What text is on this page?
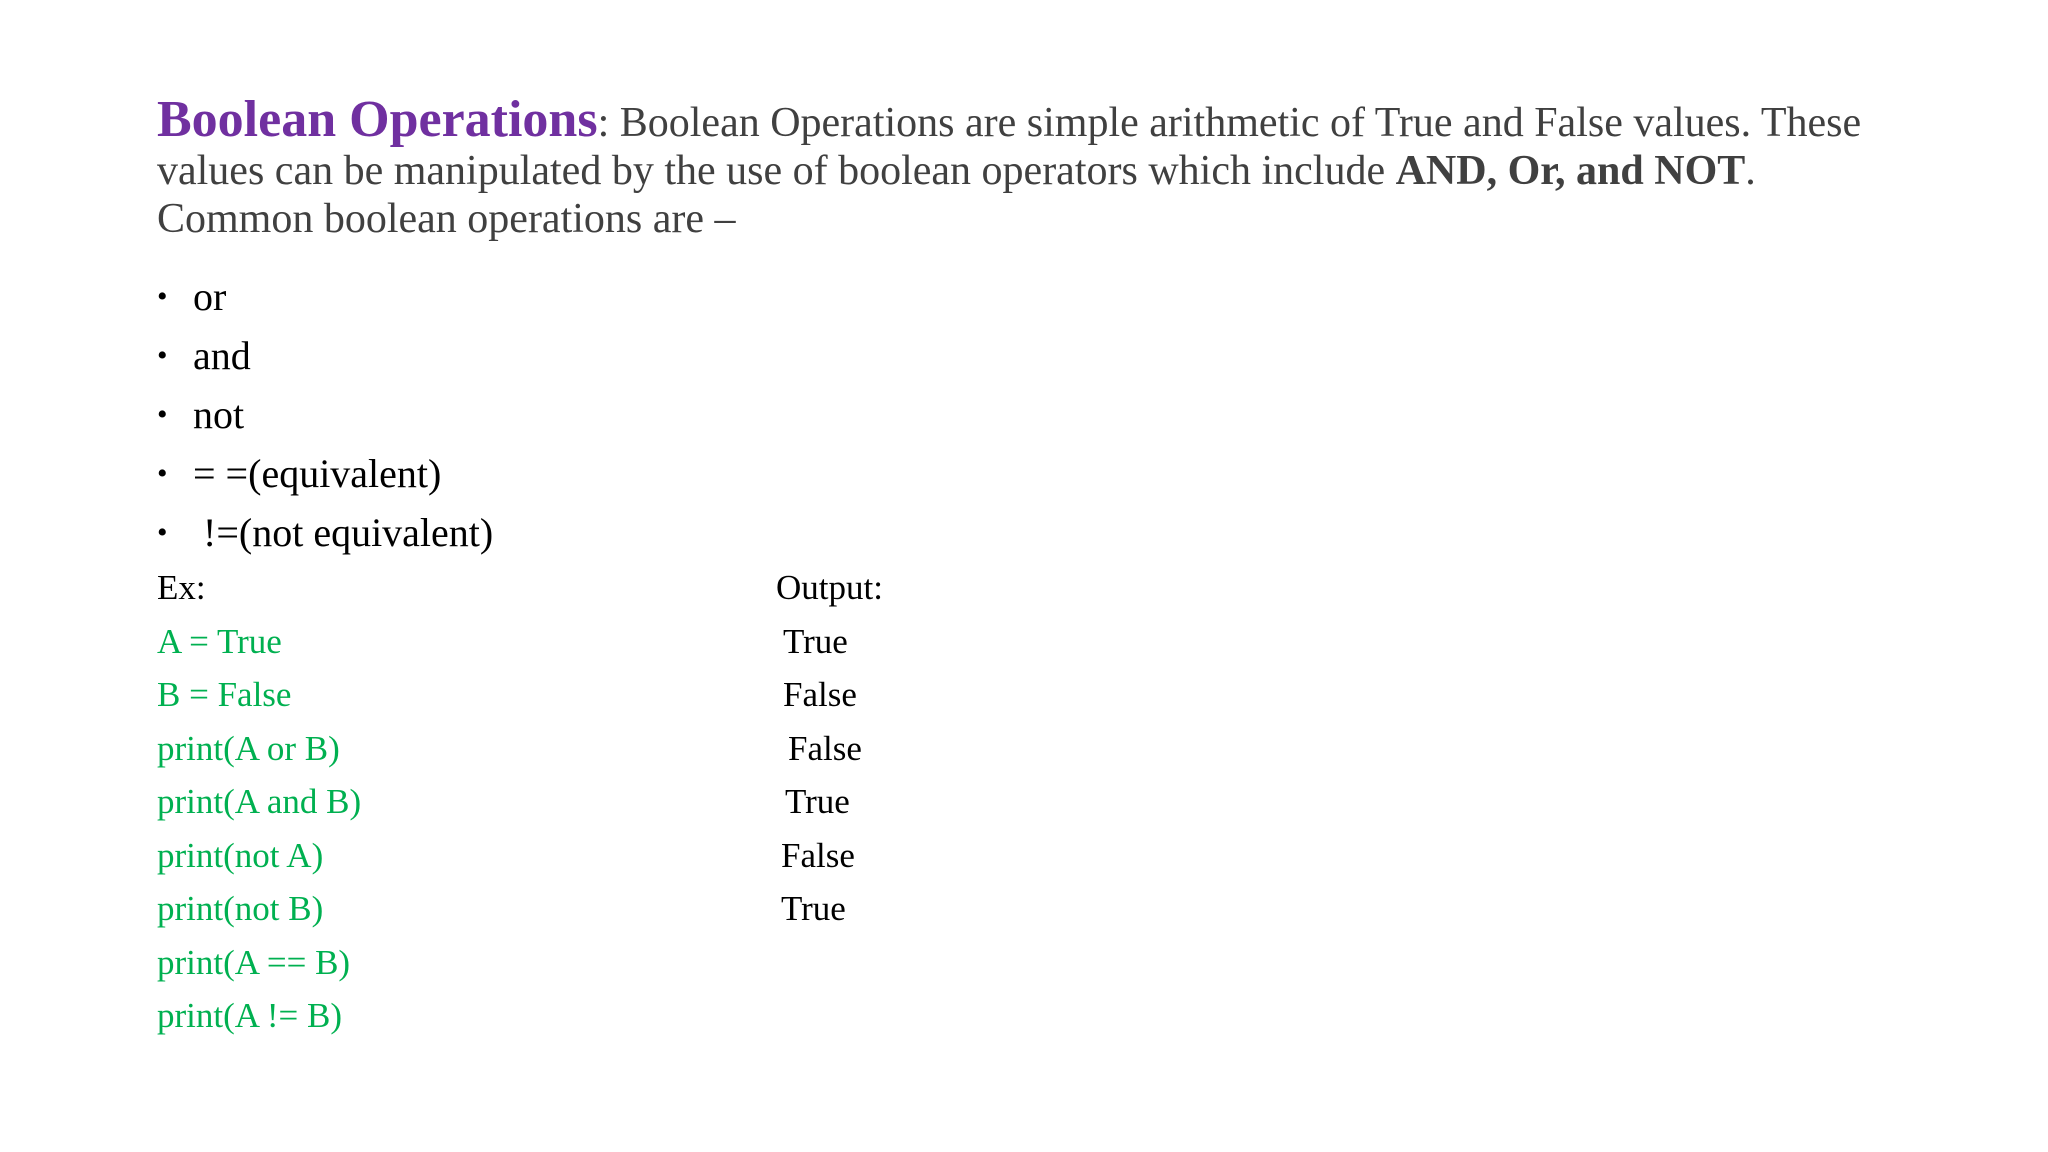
Boolean Operations: Boolean Operations are simple arithmetic of True and False values. These values can be manipulated by the use of boolean operators which include AND, Or, and NOT. Common boolean operations are –

• or
• and
• not
• = =(equivalent)
• !=(not equivalent)
Ex:	Output:
A = True	True
B = False	False
print(A or B)	False
print(A and B)	True
print(not A)	False
print(not B)	True
print(A == B)
print(A != B)
